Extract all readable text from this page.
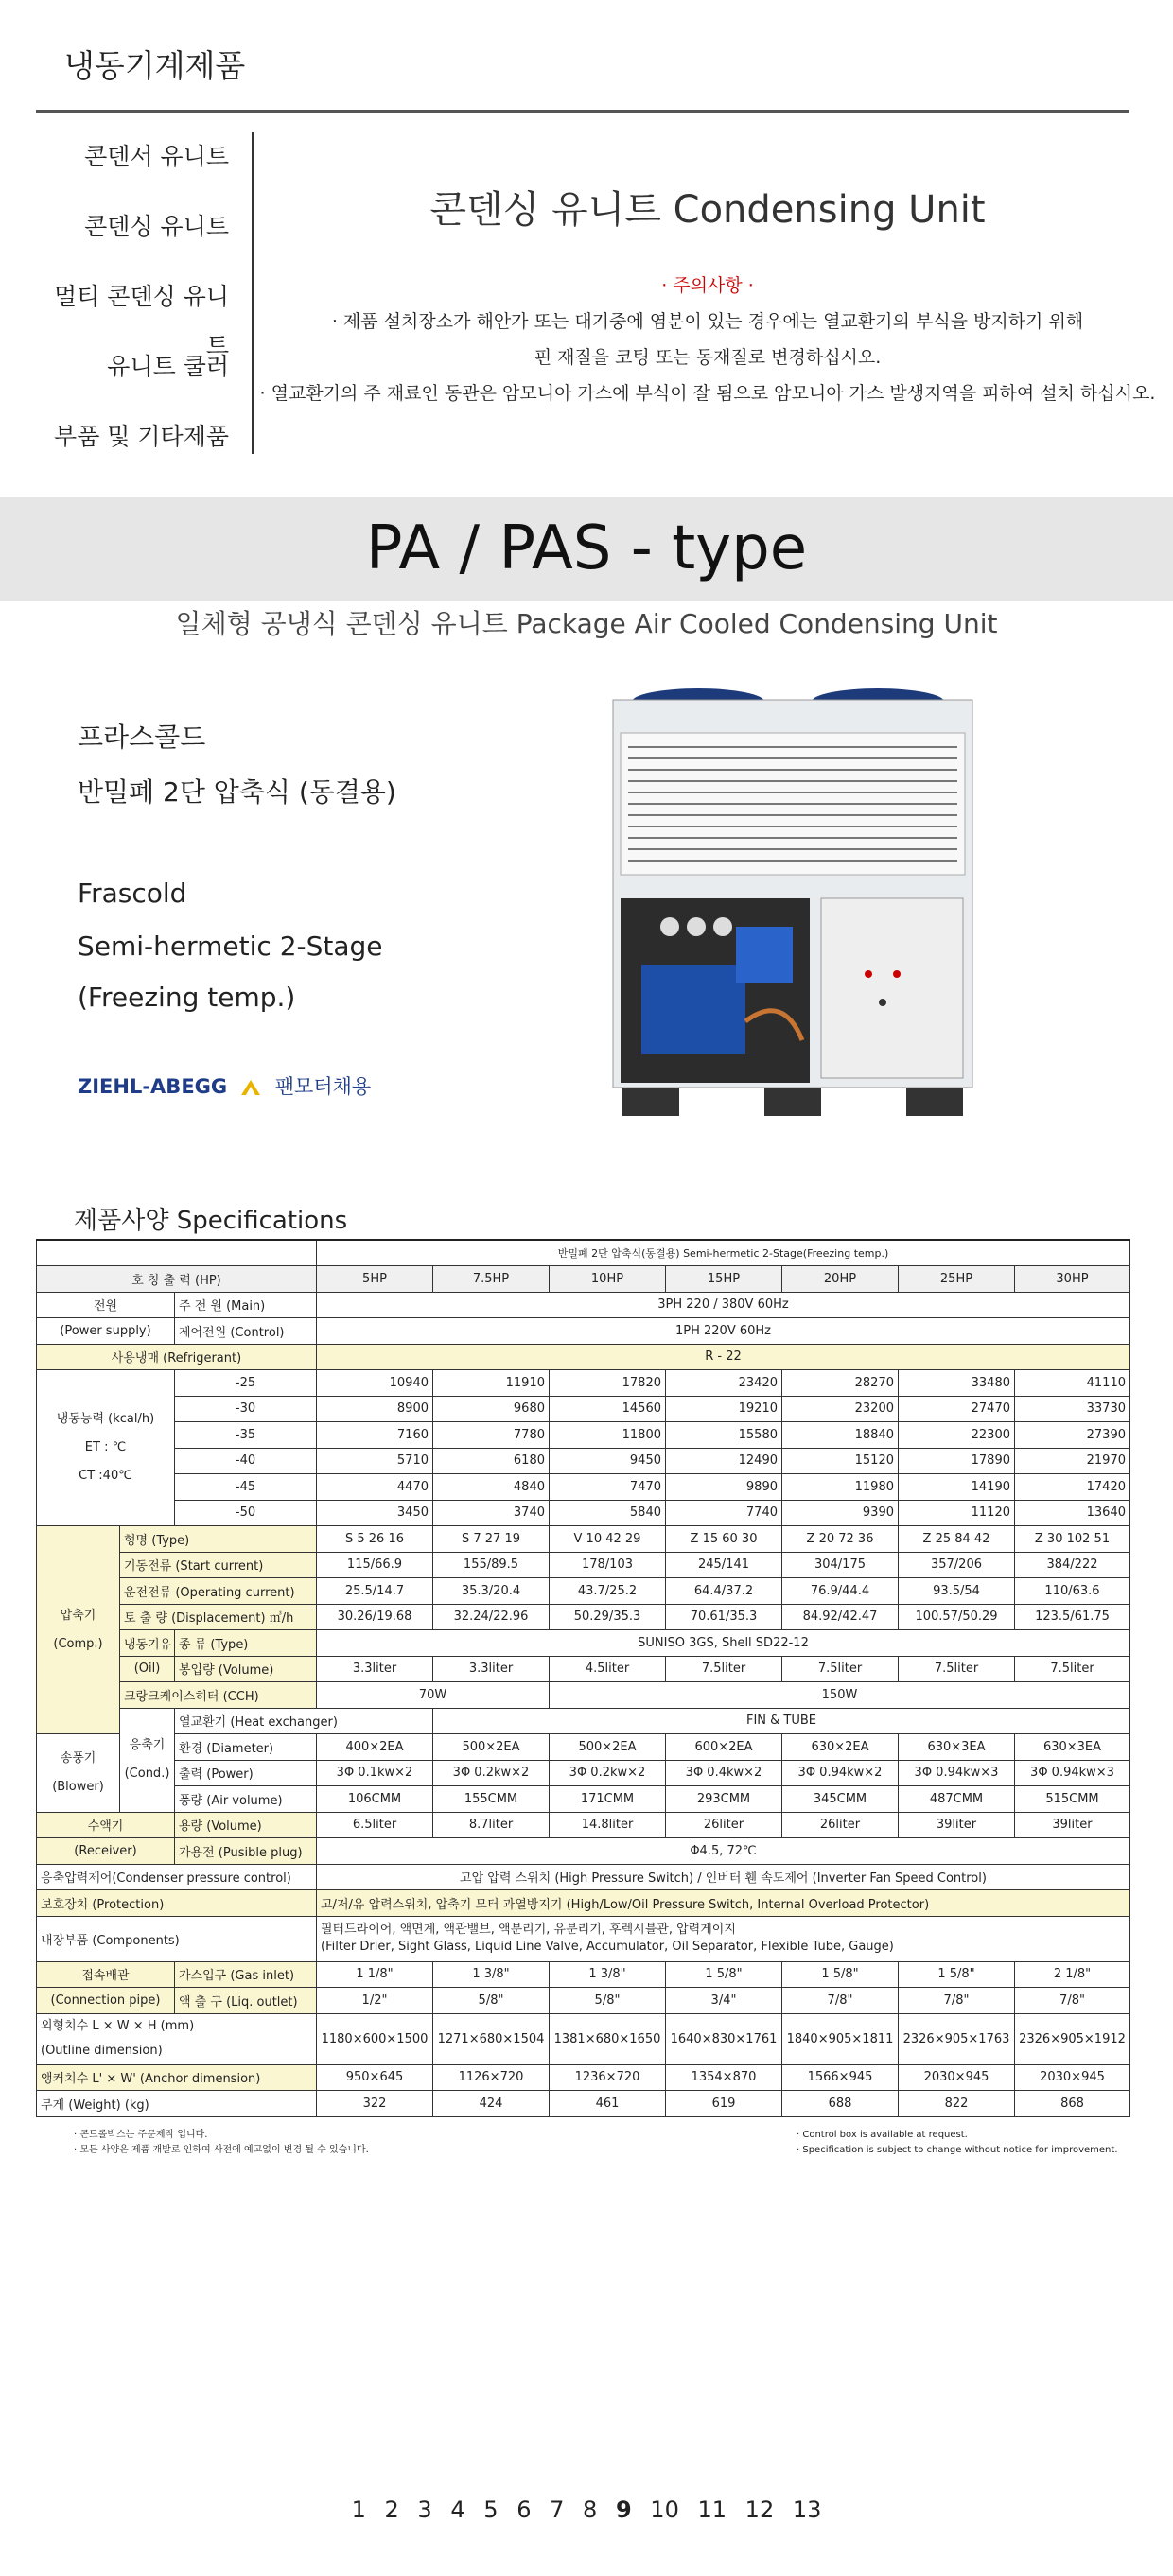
냉동기계제품
콘덴서 유니트
콘덴싱 유니트
멀티 콘덴싱 유니트
유니트 쿨러
부품 및 기타제품
콘덴싱 유니트 Condensing Unit
· 주의사항 ·
· 제품 설치장소가 해안가 또는 대기중에 염분이 있는 경우에는 열교환기의 부식을 방지하기 위해
핀 재질을 코팅 또는 동재질로 변경하십시오.
· 열교환기의 주 재료인 동관은 암모니아 가스에 부식이 잘 됨으로 암모니아 가스 발생지역을 피하여 설치 하십시오.
PA / PAS - type
일체형 공냉식 콘덴싱 유니트 Package Air Cooled Condensing Unit
프라스콜드
반밀폐 2단 압축식 (동결용)
Frascold
Semi-hermetic 2-Stage
(Freezing temp.)
ZIEHL-ABEGG 팬모터채용
제품사양 Specifications
			반밀폐 2단 압축식(동결용) Semi-hermetic 2-Stage(Freezing temp.)						
호 칭 출 력 (HP)			5HP	7.5HP	10HP	15HP	20HP	25HP	30HP
전원		주 전 원 (Main)	3PH 220 / 380V 60Hz						
(Power supply)		제어전원 (Control)	1PH 220V 60Hz						
사용냉매 (Refrigerant)			R - 22						

냉동능력 (kcal/h)
ET : ℃
CT :40℃		-25	10940	11910	17820	23420	28270	33480	41110
		-30	8900	9680	14560	19210	23200	27470	33730
		-35	7160	7780	11800	15580	18840	22300	27390
		-40	5710	6180	9450	12490	15120	17890	21970
		-45	4470	4840	7470	9890	11980	14190	17420
		-50	3450	3740	5840	7740	9390	11120	13640

압축기
(Comp.)	형명 (Type)		S 5 26 16	S 7 27 19	V 10 42 29	Z 15 60 30	Z 20 72 36	Z 25 84 42	Z 30 102 51
	기동전류 (Start current)		115/66.9	155/89.5	178/103	245/141	304/175	357/206	384/222
	운전전류 (Operating current)		25.5/14.7	35.3/20.4	43.7/25.2	64.4/37.2	76.9/44.4	93.5/54	110/63.6
	토 출 량 (Displacement) ㎥/h		30.26/19.68	32.24/22.96	50.29/35.3	70.61/35.3	84.92/42.47	100.57/50.29	123.5/61.75
	냉동기유	종 류 (Type)	SUNISO 3GS, Shell SD22-12						
	(Oil)	봉입량 (Volume)	3.3liter	3.3liter	4.5liter	7.5liter	7.5liter	7.5liter	7.5liter
	크랑크케이스히터 (CCH)		70W		150W				

	응축기
(Cond.)	열교환기 (Heat exchanger)		FIN & TUBE					

송풍기
(Blower)		환경 (Diameter)	400×2EA	500×2EA	500×2EA	600×2EA	630×2EA	630×3EA	630×3EA
		출력 (Power)	3Φ 0.1kw×2	3Φ 0.2kw×2	3Φ 0.2kw×2	3Φ 0.4kw×2	3Φ 0.94kw×2	3Φ 0.94kw×3	3Φ 0.94kw×3
		풍량 (Air volume)	106CMM	155CMM	171CMM	293CMM	345CMM	487CMM	515CMM
수액기		용량 (Volume)	6.5liter	8.7liter	14.8liter	26liter	26liter	39liter	39liter
(Receiver)		가용전 (Pusible plug)	Φ4.5, 72℃						
응축압력제어(Condenser pressure control)			고압 압력 스위치 (High Pressure Switch) / 인버터 휀 속도제어 (Inverter Fan Speed Control)						
보호장치 (Protection)			고/저/유 압력스위치, 압축기 모터 과열방지기 (High/Low/Oil Pressure Switch, Internal Overload Protector)						
내장부품 (Components)			필터드라이어, 액면계, 액관밸브, 액분리기, 유분리기, 후렉시블관, 압력게이지
(Filter Drier, Sight Glass, Liquid Line Valve, Accumulator, Oil Separator, Flexible Tube, Gauge)						

접속배관		가스입구 (Gas inlet)	1 1/8"	1 3/8"	1 3/8"	1 5/8"	1 5/8"	1 5/8"	2 1/8"
(Connection pipe)		액 출 구 (Liq. outlet)	1/2"	5/8"	5/8"	3/4"	7/8"	7/8"	7/8"

외형치수 L × W × H (mm)
(Outline dimension)			1180×600×1500	1271×680×1504	1381×680×1650	1640×830×1761	1840×905×1811	2326×905×1763	2326×905×1912
앵커치수 L' × W' (Anchor dimension)			950×645	1126×720	1236×720	1354×870	1566×945	2030×945	2030×945
무게 (Weight) (kg)			322	424	461	619	688	822	868
· 콘트롤박스는 주문제작 입니다.
· 모든 사양은 제품 개발로 인하여 사전에 예고없이 변경 될 수 있습니다.
· Control box is available at request.
· Specification is subject to change without notice for improvement.
1 2 3 4 5 6 7 8 9 10 11 12 13
